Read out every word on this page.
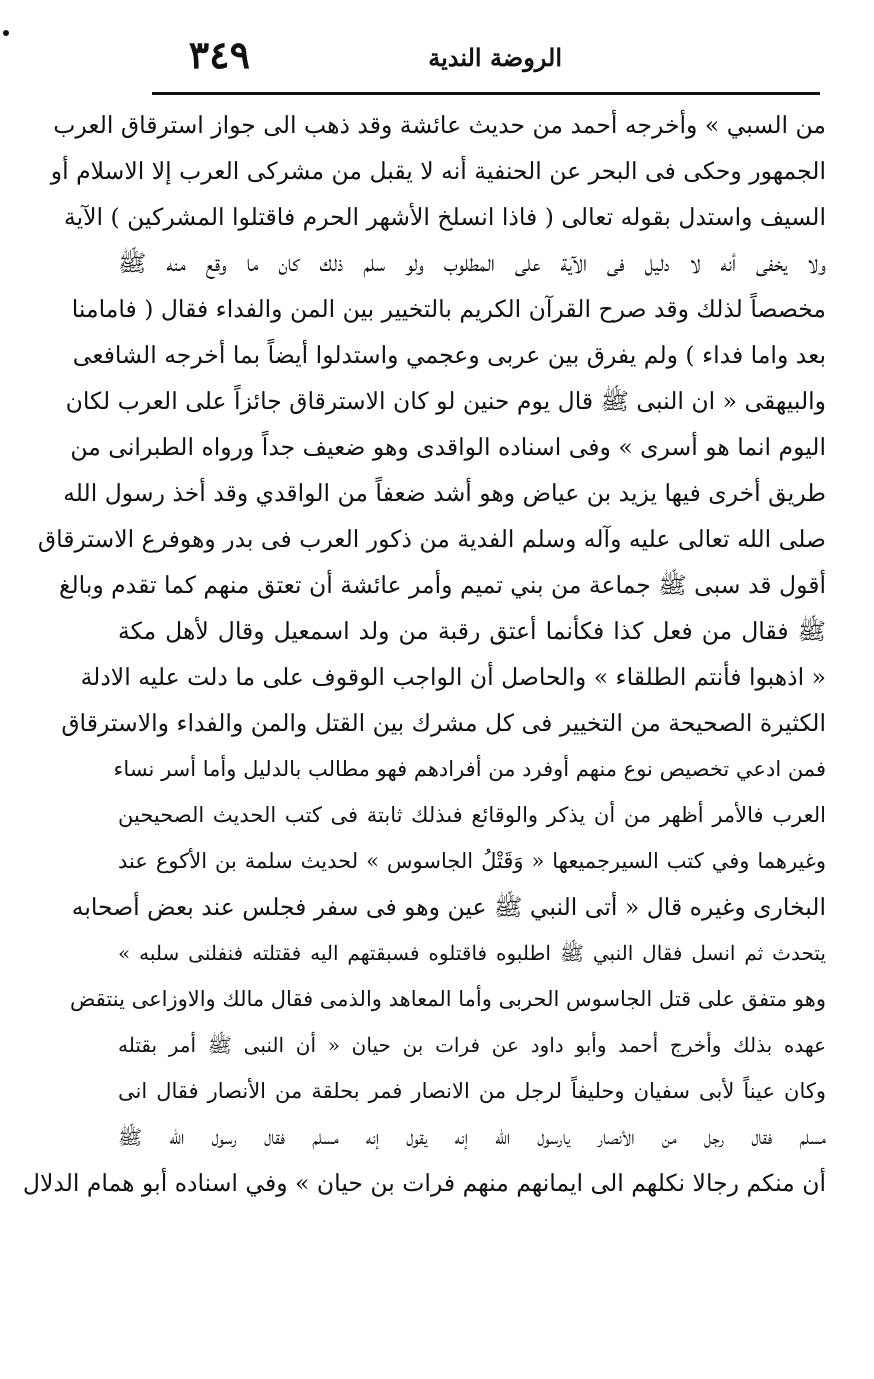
٣٤٩	الروضة الندية
من السبي » وأخرجه أحمد من حديث عائشة وقد ذهب الى جواز استرقاق العرب
الجمهور وحكى فى البحر عن الحنفية أنه لا يقبل من مشركى العرب إلا الاسلام أو
السيف واستدل بقوله تعالى ( فاذا انسلخ الأشهر الحرم فاقتلوا المشركين ) الآية
ولا يخفى أنه لا دليل فى الآية على المطلوب ولو سلم ذلك كان ما وقع منه ﷺ
مخصصاً لذلك وقد صرح القرآن الكريم بالتخيير بين المن والفداء فقال ( فامامنا
بعد واما فداء ) ولم يفرق بين عربى وعجمي واستدلوا أيضاً بما أخرجه الشافعى
والبيهقى « ان النبى ﷺ قال يوم حنين لو كان الاسترقاق جائزاً على العرب لكان
اليوم انما هو أسرى » وفى اسناده الواقدى وهو ضعيف جداً ورواه الطبرانى من
طريق أخرى فيها يزيد بن عياض وهو أشد ضعفاً من الواقدي وقد أخذ رسول الله
صلى الله تعالى عليه وآله وسلم الفدية من ذكور العرب فى بدر وهوفرع الاسترقاق
أقول قد سبى ﷺ جماعة من بني تميم وأمر عائشة أن تعتق منهم كما تقدم وبالغ
ﷺ فقال من فعل كذا فكأنما أعتق رقبة من ولد اسمعيل وقال لأهل مكة
« اذهبوا فأنتم الطلقاء » والحاصل أن الواجب الوقوف على ما دلت عليه الادلة
الكثيرة الصحيحة من التخيير فى كل مشرك بين القتل والمن والفداء والاسترقاق
فمن ادعي تخصيص نوع منهم أوفرد من أفرادهم فهو مطالب بالدليل وأما أسر نساء
العرب فالأمر أظهر من أن يذكر والوقائع فىذلك ثابتة فى كتب الحديث الصحيحين
وغيرهما وفي كتب السيرجميعها « وَقَتْلُ الجاسوس » لحديث سلمة بن الأكوع عند
البخارى وغيره قال « أتى النبي ﷺ عين وهو فى سفر فجلس عند بعض أصحابه
يتحدث ثم انسل فقال النبي ﷺ اطلبوه فاقتلوه فسبقتهم اليه فقتلته فنفلنى سلبه »
وهو متفق على قتل الجاسوس الحربى وأما المعاهد والذمى فقال مالك والاوزاعى ينتقض
عهده بذلك وأخرج أحمد وأبو داود عن فرات بن حيان « أن النبى ﷺ أمر بقتله
وكان عيناً لأبى سفيان وحليفاً لرجل من الانصار فمر بحلقة من الأنصار فقال انى
مسلم فقال رجل من الأنصار يارسول الله إنه يقول إنه مسلم فقال رسول الله ﷺ
أن منكم رجالا نكلهم الى ايمانهم منهم فرات بن حيان » وفي اسناده أبو همام الدلال
